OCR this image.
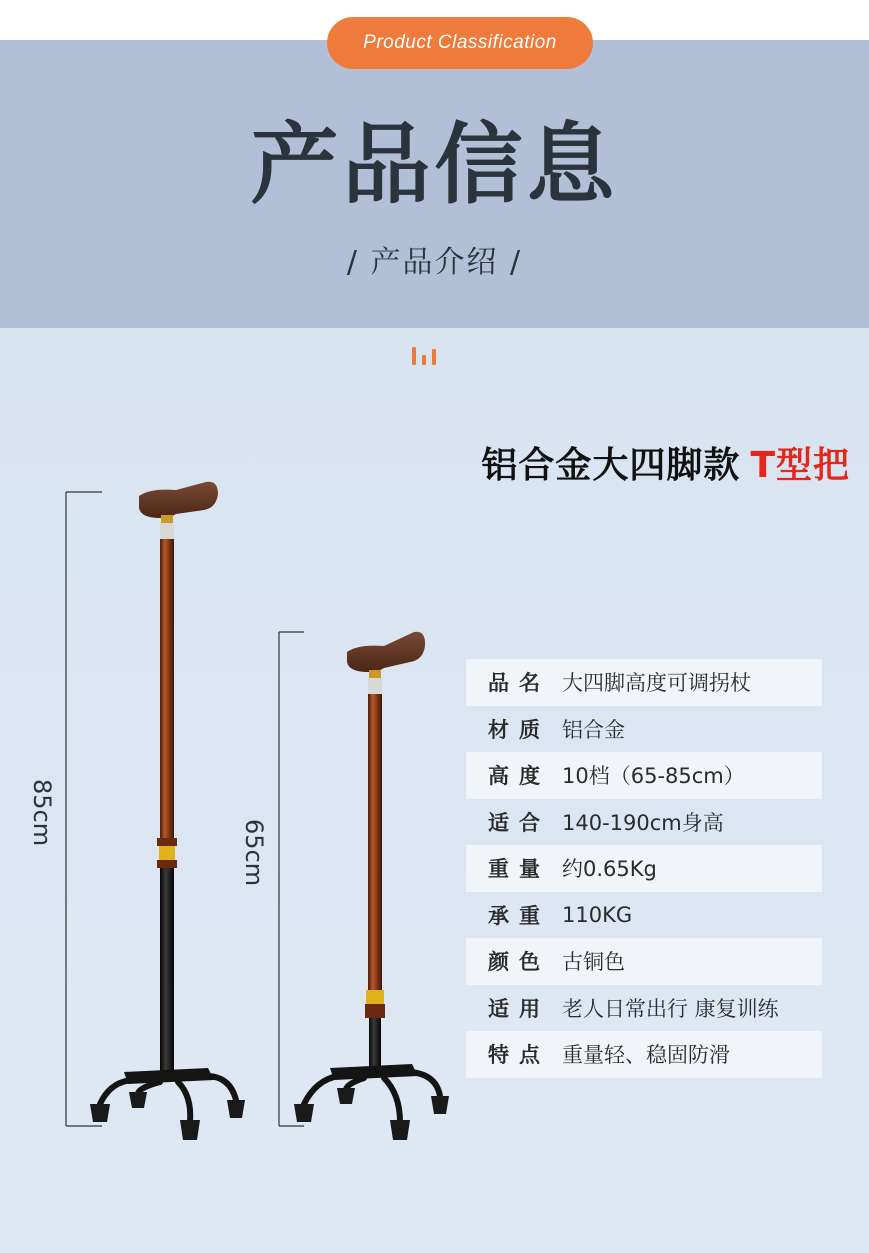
Product Classification
产品信息
/ 产品介绍 /
铝合金大四脚款 T型把
85cm
65cm
品名 大四脚高度可调拐杖
材质 铝合金
高度 10档（65-85cm）
适合 140-190cm身高
重量 约0.65Kg
承重 110KG
颜色 古铜色
适用 老人日常出行 康复训练
特点 重量轻、稳固防滑
